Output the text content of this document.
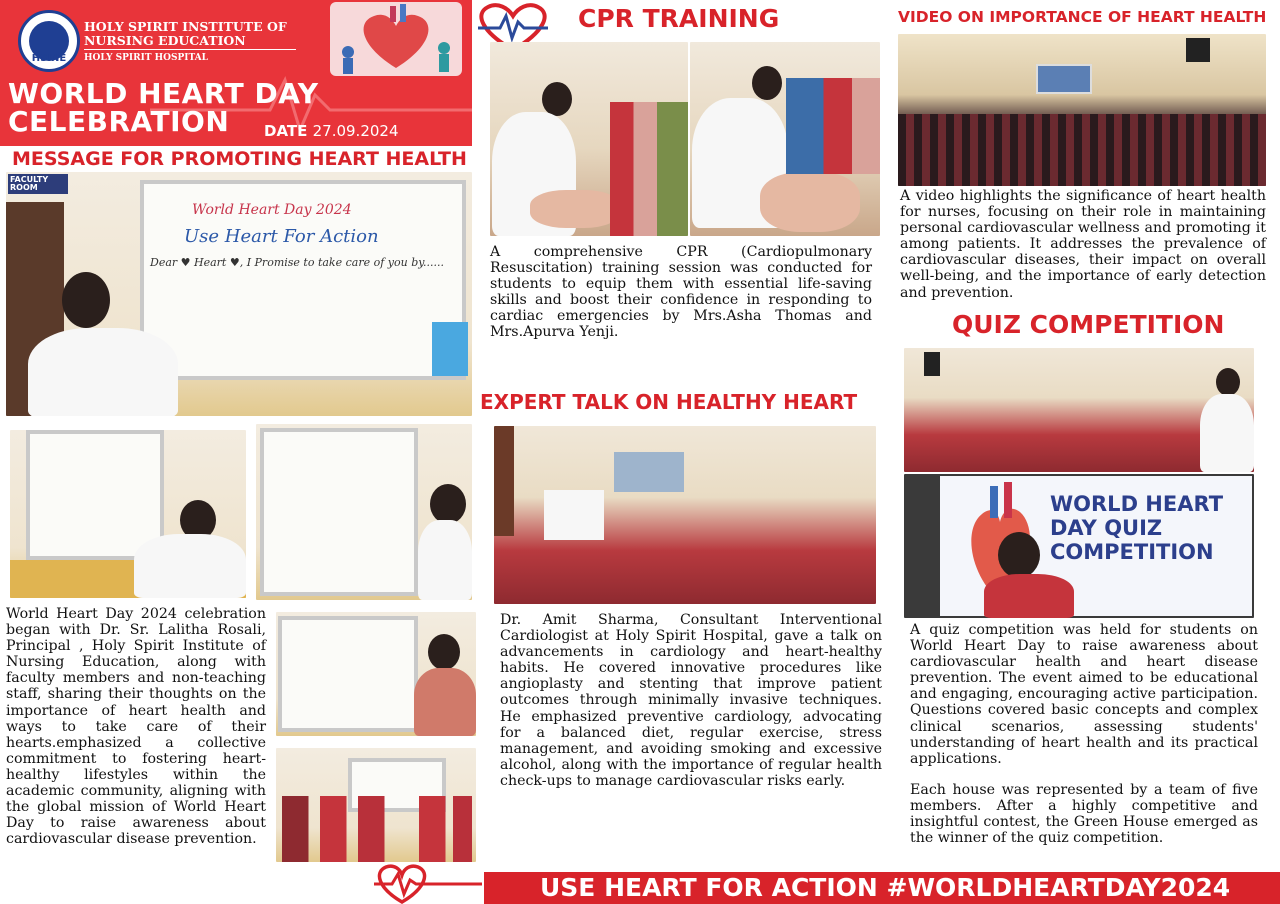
HSINE
HOLY SPIRIT INSTITUTE OF
NURSING EDUCATION
HOLY SPIRIT HOSPITAL
WORLD HEART DAY
CELEBRATION	DATE 27.09.2024
MESSAGE FOR PROMOTING HEART HEALTH
FACULTY ROOM
World Heart Day 2024
Use Heart For Action
Dear ♥ Heart ♥, I Promise to take care of you by......
World Heart Day 2024 celebration began with Dr. Sr. Lalitha Rosali, Principal , Holy Spirit Institute of Nursing Education, along with faculty members and non-teaching staff, sharing their thoughts on the importance of heart health and ways to take care of their hearts.emphasized a collective commitment to fostering heart-healthy lifestyles within the academic community, aligning with the global mission of World Heart Day to raise awareness about cardiovascular disease prevention.
CPR TRAINING
A comprehensive CPR (Cardiopulmonary Resuscitation) training session was conducted for students to equip them with essential life-saving skills and boost their confidence in responding to cardiac emergencies by Mrs.Asha Thomas and Mrs.Apurva Yenji.
EXPERT TALK ON HEALTHY HEART
Dr. Amit Sharma, Consultant Interventional Cardiologist at Holy Spirit Hospital, gave a talk on advancements in cardiology and heart-healthy habits. He covered innovative procedures like angioplasty and stenting that improve patient outcomes through minimally invasive techniques. He emphasized preventive cardiology, advocating for a balanced diet, regular exercise, stress management, and avoiding smoking and excessive alcohol, along with the importance of regular health check-ups to manage cardiovascular risks early.
VIDEO ON IMPORTANCE OF HEART HEALTH
A video highlights the significance of heart health for nurses, focusing on their role in maintaining personal cardiovascular wellness and promoting it among patients. It addresses the prevalence of cardiovascular diseases, their impact on overall well-being, and the importance of early detection and prevention.
QUIZ COMPETITION
WORLD HEART DAY QUIZ COMPETITION
A quiz competition was held for students on World Heart Day to raise awareness about cardiovascular health and heart disease prevention. The event aimed to be educational and engaging, encouraging active participation. Questions covered basic concepts and complex clinical scenarios, assessing students' understanding of heart health and its practical applications.
Each house was represented by a team of five members. After a highly competitive and insightful contest, the Green House emerged as the winner of the quiz competition.
USE HEART FOR ACTION #WORLDHEARTDAY2024
